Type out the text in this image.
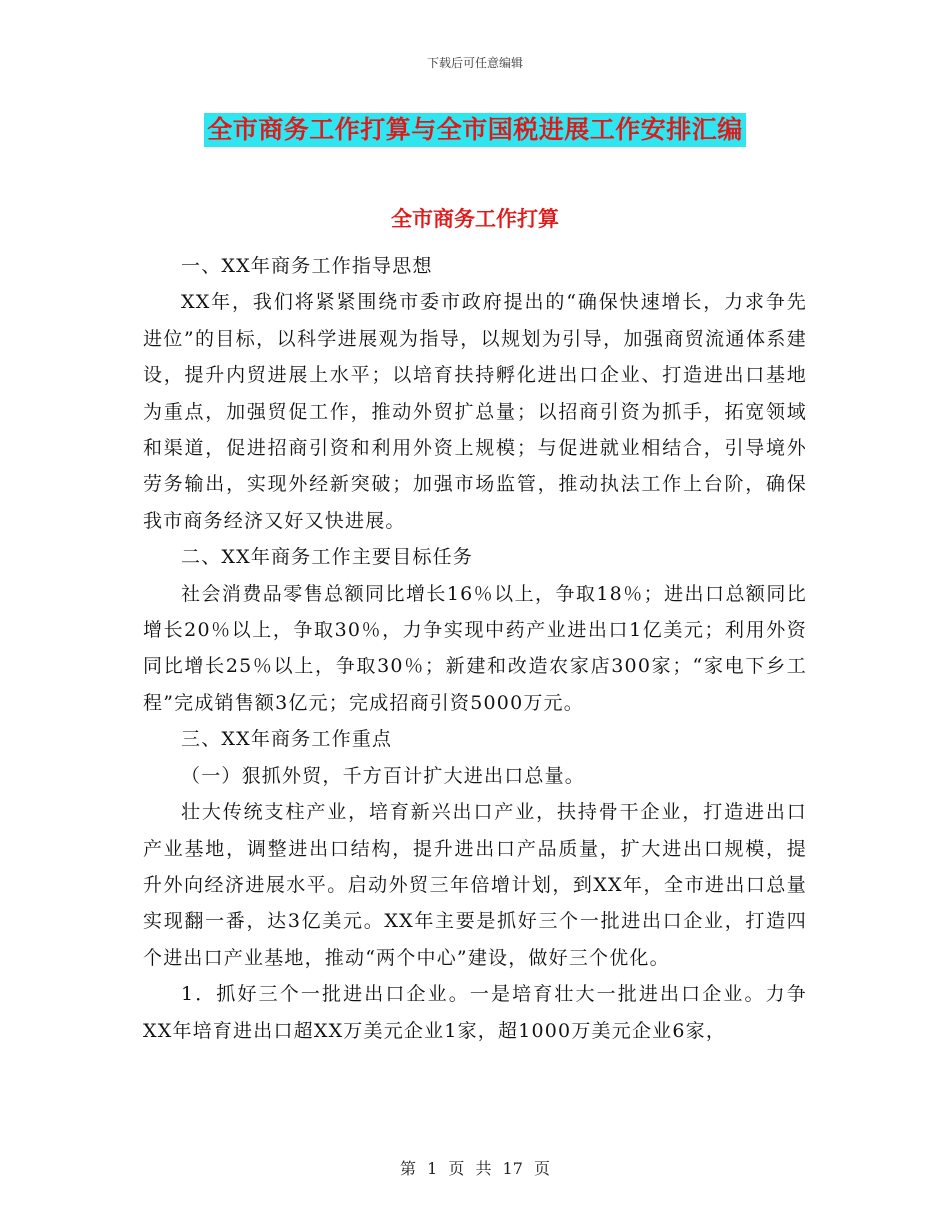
下载后可任意编辑
全市商务工作打算与全市国税进展工作安排汇编
全市商务工作打算

一、XX年商务工作指导思想

XX年，我们将紧紧围绕市委市政府提出的“确保快速增长，力求争先进位”的目标，以科学进展观为指导，以规划为引导，加强商贸流通体系建设，提升内贸进展上水平；以培育扶持孵化进出口企业、打造进出口基地为重点，加强贸促工作，推动外贸扩总量；以招商引资为抓手，拓宽领域和渠道，促进招商引资和利用外资上规模；与促进就业相结合，引导境外劳务输出，实现外经新突破；加强市场监管，推动执法工作上台阶，确保我市商务经济又好又快进展。

二、XX年商务工作主要目标任务

社会消费品零售总额同比增长16％以上，争取18％；进出口总额同比增长20％以上，争取30％，力争实现中药产业进出口1亿美元；利用外资同比增长25％以上，争取30％；新建和改造农家店300家；“家电下乡工程”完成销售额3亿元；完成招商引资5000万元。

三、XX年商务工作重点

（一）狠抓外贸，千方百计扩大进出口总量。

壮大传统支柱产业，培育新兴出口产业，扶持骨干企业，打造进出口产业基地，调整进出口结构，提升进出口产品质量，扩大进出口规模，提升外向经济进展水平。启动外贸三年倍增计划，到XX年，全市进出口总量实现翻一番，达3亿美元。XX年主要是抓好三个一批进出口企业，打造四个进出口产业基地，推动“两个中心”建设，做好三个优化。

1．抓好三个一批进出口企业。一是培育壮大一批进出口企业。力争XX年培育进出口超XX万美元企业1家，超1000万美元企业6家，

第 1 页 共 17 页
